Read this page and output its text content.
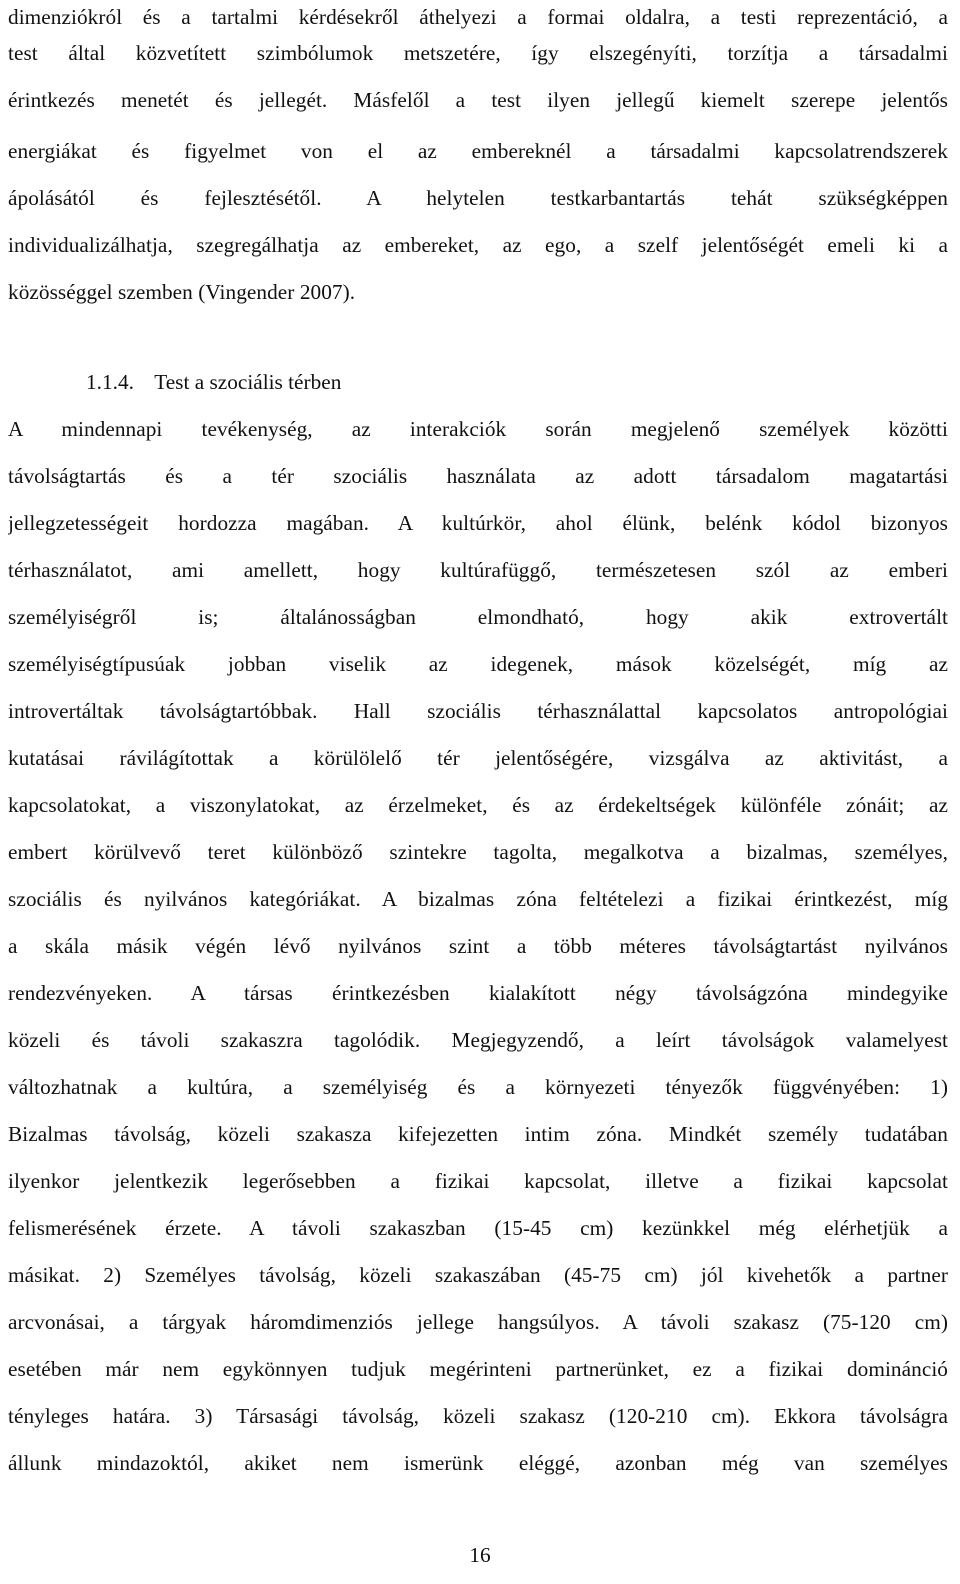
dimenziókról és a tartalmi kérdésekről áthelyezi a formai oldalra, a testi reprezentáció, a
test által közvetített szimbólumok metszetére, így elszegényíti, torzítja a társadalmi
érintkezés menetét és jellegét. Másfelől a test ilyen jellegű kiemelt szerepe jelentős
energiákat és figyelmet von el az embereknél a társadalmi kapcsolatrendszerek
ápolásától és fejlesztésétől. A helytelen testkarbantartás tehát szükségképpen
individualizálhatja, szegregálhatja az embereket, az ego, a szelf jelentőségét emeli ki a
közösséggel szemben (Vingender 2007).
1.1.4. Test a szociális térben
A mindennapi tevékenység, az interakciók során megjelenő személyek közötti
távolságtartás és a tér szociális használata az adott társadalom magatartási
jellegzetességeit hordozza magában. A kultúrkör, ahol élünk, belénk kódol bizonyos
térhasználatot, ami amellett, hogy kultúrafüggő, természetesen szól az emberi
személyiségről is; általánosságban elmondható, hogy akik extrovertált
személyiségtípusúak jobban viselik az idegenek, mások közelségét, míg az
introvertáltak távolságtartóbbak. Hall szociális térhasználattal kapcsolatos antropológiai
kutatásai rávilágítottak a körülölelő tér jelentőségére, vizsgálva az aktivitást, a
kapcsolatokat, a viszonylatokat, az érzelmeket, és az érdekeltségek különféle zónáit; az
embert körülvevő teret különböző szintekre tagolta, megalkotva a bizalmas, személyes,
szociális és nyilvános kategóriákat. A bizalmas zóna feltételezi a fizikai érintkezést, míg
a skála másik végén lévő nyilvános szint a több méteres távolságtartást nyilvános
rendezvényeken. A társas érintkezésben kialakított négy távolságzóna mindegyike
közeli és távoli szakaszra tagolódik. Megjegyzendő, a leírt távolságok valamelyest
változhatnak a kultúra, a személyiség és a környezeti tényezők függvényében: 1)
Bizalmas távolság, közeli szakasza kifejezetten intim zóna. Mindkét személy tudatában
ilyenkor jelentkezik legerősebben a fizikai kapcsolat, illetve a fizikai kapcsolat
felismerésének érzete. A távoli szakaszban (15-45 cm) kezünkkel még elérhetjük a
másikat. 2) Személyes távolság, közeli szakaszában (45-75 cm) jól kivehetők a partner
arcvonásai, a tárgyak háromdimenziós jellege hangsúlyos. A távoli szakasz (75-120 cm)
esetében már nem egykönnyen tudjuk megérinteni partnerünket, ez a fizikai dominánció
tényleges határa. 3) Társasági távolság, közeli szakasz (120-210 cm). Ekkora távolságra
állunk mindazoktól, akiket nem ismerünk eléggé, azonban még van személyes
16
